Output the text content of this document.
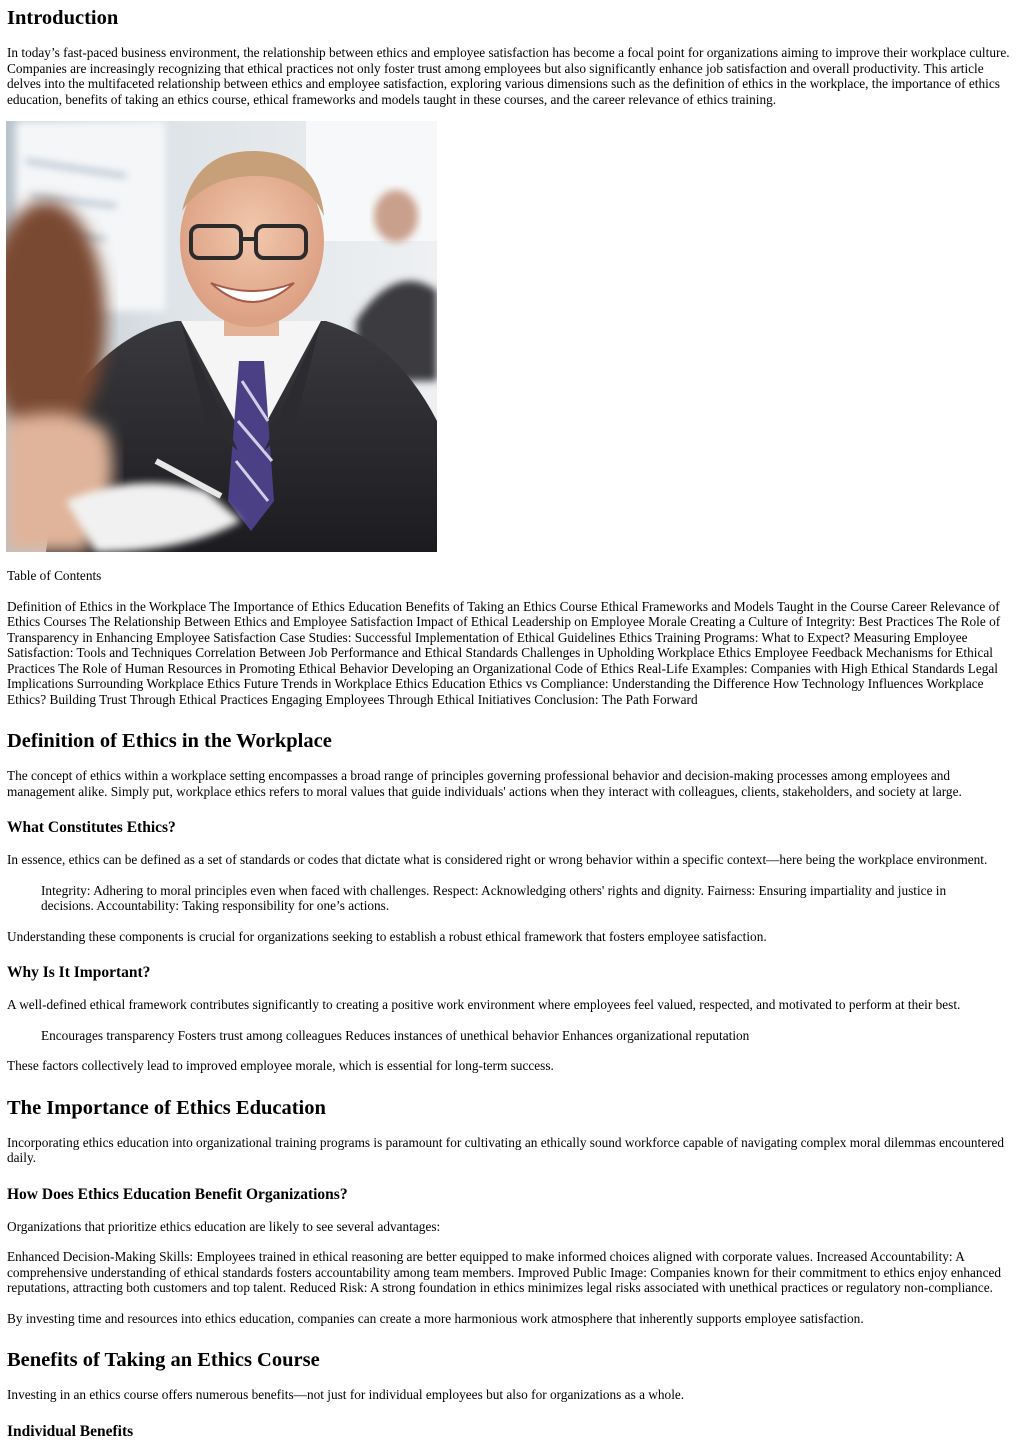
Introduction

In today’s fast-paced business environment, the relationship between ethics and employee satisfaction has become a focal point for organizations aiming to improve their workplace culture. Companies are increasingly recognizing that ethical practices not only foster trust among employees but also significantly enhance job satisfaction and overall productivity. This article delves into the multifaceted relationship between ethics and employee satisfaction, exploring various dimensions such as the definition of ethics in the workplace, the importance of ethics education, benefits of taking an ethics course, ethical frameworks and models taught in these courses, and the career relevance of ethics training.

Table of Contents

Definition of Ethics in the Workplace The Importance of Ethics Education Benefits of Taking an Ethics Course Ethical Frameworks and Models Taught in the Course Career Relevance of Ethics Courses The Relationship Between Ethics and Employee Satisfaction Impact of Ethical Leadership on Employee Morale Creating a Culture of Integrity: Best Practices The Role of Transparency in Enhancing Employee Satisfaction Case Studies: Successful Implementation of Ethical Guidelines Ethics Training Programs: What to Expect? Measuring Employee Satisfaction: Tools and Techniques Correlation Between Job Performance and Ethical Standards Challenges in Upholding Workplace Ethics Employee Feedback Mechanisms for Ethical Practices The Role of Human Resources in Promoting Ethical Behavior Developing an Organizational Code of Ethics Real-Life Examples: Companies with High Ethical Standards Legal Implications Surrounding Workplace Ethics Future Trends in Workplace Ethics Education Ethics vs Compliance: Understanding the Difference How Technology Influences Workplace Ethics? Building Trust Through Ethical Practices Engaging Employees Through Ethical Initiatives Conclusion: The Path Forward

Definition of Ethics in the Workplace

The concept of ethics within a workplace setting encompasses a broad range of principles governing professional behavior and decision-making processes among employees and management alike. Simply put, workplace ethics refers to moral values that guide individuals' actions when they interact with colleagues, clients, stakeholders, and society at large.

What Constitutes Ethics?

In essence, ethics can be defined as a set of standards or codes that dictate what is considered right or wrong behavior within a specific context—here being the workplace environment.

Integrity: Adhering to moral principles even when faced with challenges. Respect: Acknowledging others' rights and dignity. Fairness: Ensuring impartiality and justice in decisions. Accountability: Taking responsibility for one’s actions.

Understanding these components is crucial for organizations seeking to establish a robust ethical framework that fosters employee satisfaction.

Why Is It Important?

A well-defined ethical framework contributes significantly to creating a positive work environment where employees feel valued, respected, and motivated to perform at their best.

Encourages transparency Fosters trust among colleagues Reduces instances of unethical behavior Enhances organizational reputation

These factors collectively lead to improved employee morale, which is essential for long-term success.

The Importance of Ethics Education

Incorporating ethics education into organizational training programs is paramount for cultivating an ethically sound workforce capable of navigating complex moral dilemmas encountered daily.

How Does Ethics Education Benefit Organizations?

Organizations that prioritize ethics education are likely to see several advantages:

Enhanced Decision-Making Skills: Employees trained in ethical reasoning are better equipped to make informed choices aligned with corporate values. Increased Accountability: A comprehensive understanding of ethical standards fosters accountability among team members. Improved Public Image: Companies known for their commitment to ethics enjoy enhanced reputations, attracting both customers and top talent. Reduced Risk: A strong foundation in ethics minimizes legal risks associated with unethical practices or regulatory non-compliance.

By investing time and resources into ethics education, companies can create a more harmonious work atmosphere that inherently supports employee satisfaction.

Benefits of Taking an Ethics Course

Investing in an ethics course offers numerous benefits—not just for individual employees but also for organizations as a whole.

Individual Benefits
